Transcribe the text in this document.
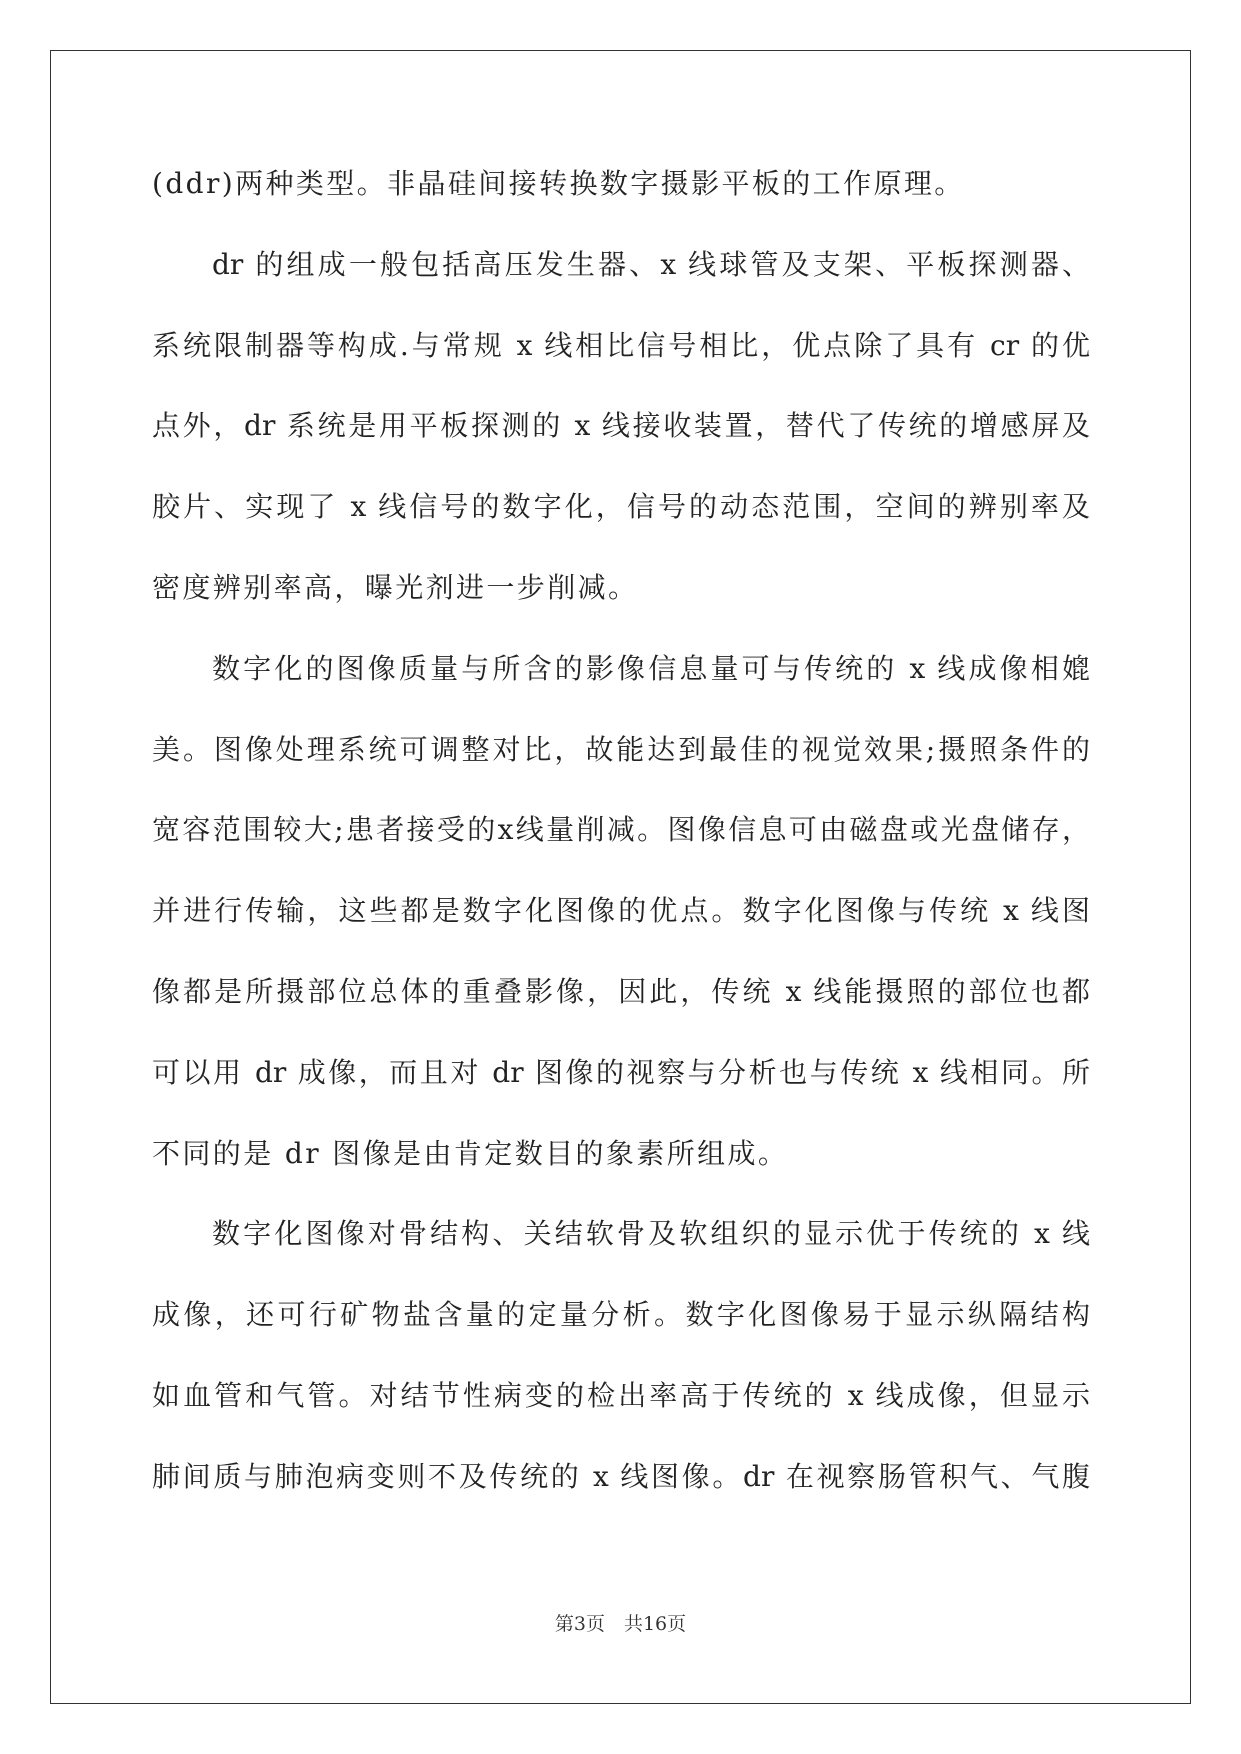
(ddr)两种类型。非晶硅间接转换数字摄影平板的工作原理。
dr 的组成一般包括高压发生器、x 线球管及支架、平板探测器、
系统限制器等构成.与常规 x 线相比信号相比，优点除了具有 cr 的优
点外，dr 系统是用平板探测的 x 线接收装置，替代了传统的增感屏及
胶片、实现了 x 线信号的数字化，信号的动态范围，空间的辨别率及
密度辨别率高，曝光剂进一步削减。
数字化的图像质量与所含的影像信息量可与传统的 x 线成像相媲
美。图像处理系统可调整对比，故能达到最佳的视觉效果;摄照条件的
宽容范围较大;患者接受的x线量削减。图像信息可由磁盘或光盘储存，
并进行传输，这些都是数字化图像的优点。数字化图像与传统 x 线图
像都是所摄部位总体的重叠影像，因此，传统 x 线能摄照的部位也都
可以用 dr 成像，而且对 dr 图像的视察与分析也与传统 x 线相同。所
不同的是 dr 图像是由肯定数目的象素所组成。
数字化图像对骨结构、关结软骨及软组织的显示优于传统的 x 线
成像，还可行矿物盐含量的定量分析。数字化图像易于显示纵隔结构
如血管和气管。对结节性病变的检出率高于传统的 x 线成像，但显示
肺间质与肺泡病变则不及传统的 x 线图像。dr 在视察肠管积气、气腹
第3页　共16页
